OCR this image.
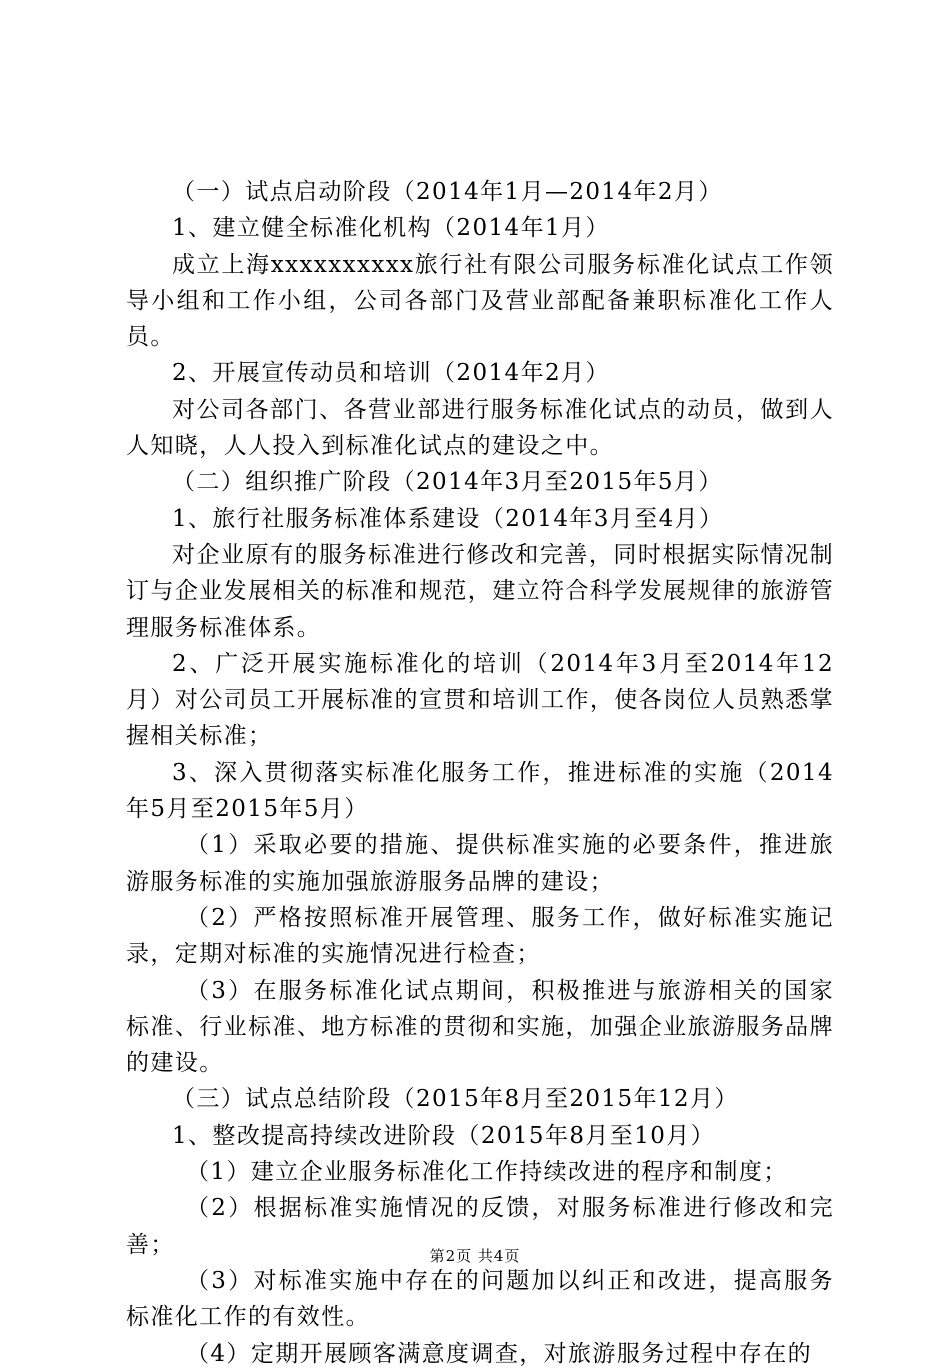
（一）试点启动阶段（2014年1月—2014年2月）

1、建立健全标准化机构（2014年1月）

成立上海xxxxxxxxxx旅行社有限公司服务标准化试点工作领导小组和工作小组，公司各部门及营业部配备兼职标准化工作人员。

2、开展宣传动员和培训（2014年2月）

对公司各部门、各营业部进行服务标准化试点的动员，做到人人知晓，人人投入到标准化试点的建设之中。

（二）组织推广阶段（2014年3月至2015年5月）

1、旅行社服务标准体系建设（2014年3月至4月）

对企业原有的服务标准进行修改和完善，同时根据实际情况制订与企业发展相关的标准和规范，建立符合科学发展规律的旅游管理服务标准体系。

2、广泛开展实施标准化的培训（2014年3月至2014年12月）对公司员工开展标准的宣贯和培训工作，使各岗位人员熟悉掌握相关标准；

3、深入贯彻落实标准化服务工作，推进标准的实施（2014年5月至2015年5月）

（1）采取必要的措施、提供标准实施的必要条件，推进旅游服务标准的实施加强旅游服务品牌的建设；

（2）严格按照标准开展管理、服务工作，做好标准实施记录，定期对标准的实施情况进行检查；

（3）在服务标准化试点期间，积极推进与旅游相关的国家标准、行业标准、地方标准的贯彻和实施，加强企业旅游服务品牌的建设。

（三）试点总结阶段（2015年8月至2015年12月）

1、整改提高持续改进阶段（2015年8月至10月）

（1）建立企业服务标准化工作持续改进的程序和制度；

（2）根据标准实施情况的反馈，对服务标准进行修改和完善；

（3）对标准实施中存在的问题加以纠正和改进，提高服务标准化工作的有效性。

（4）定期开展顾客满意度调查，对旅游服务过程中存在的

第2页 共4页
